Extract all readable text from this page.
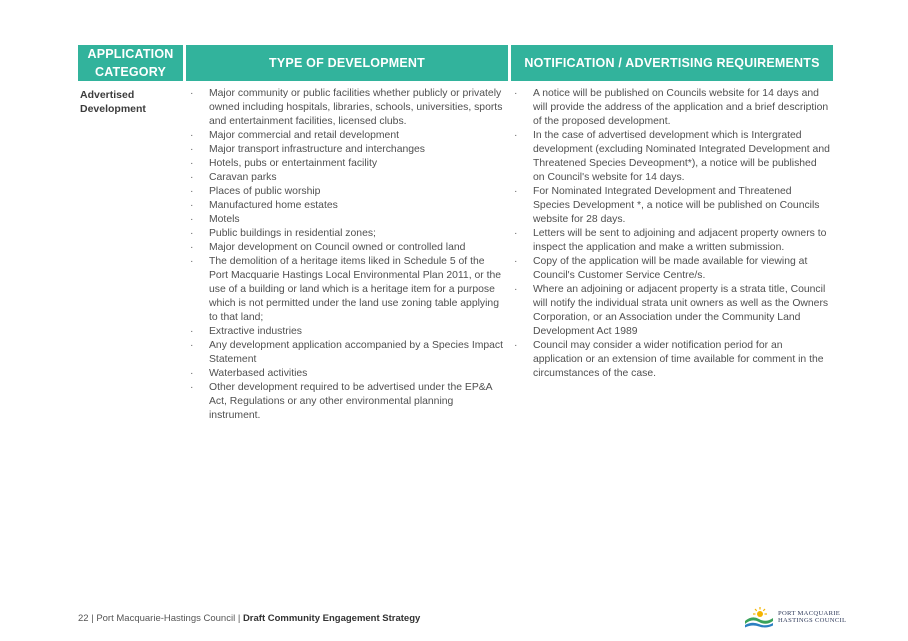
APPLICATION CATEGORY
TYPE OF DEVELOPMENT	NOTIFICATION / ADVERTISING REQUIREMENTS
Advertised Development
· Major community or public facilities whether publicly or privately owned including hospitals, libraries, schools, universities, sports and entertainment facilities, licensed clubs.
· Major commercial and retail development
· Major transport infrastructure and interchanges
· Hotels, pubs or entertainment facility
· Caravan parks
· Places of public worship
· Manufactured home estates
· Motels
· Public buildings in residential zones;
· Major development on Council owned or controlled land
· The demolition of a heritage items liked in Schedule 5 of the Port Macquarie Hastings Local Environmental Plan 2011, or the use of a building or land which is a heritage item for a purpose which is not permitted under the land use zoning table applying to that land;
· Extractive industries
· Any development application accompanied by a Species Impact Statement
· Waterbased activities
· Other development required to be advertised under the EP&A Act, Regulations or any other environmental planning instrument.
· A notice will be published on Councils website for 14 days and will provide the address of the application and a brief description of the proposed development.
· In the case of advertised development which is Intergrated development (excluding Nominated Integrated Development and Threatened Species Deveopment*), a notice will be published on Council's website for 14 days.
· For Nominated Integrated Development and Threatened Species Development *, a notice will be published on Councils website for 28 days.
· Letters will be sent to adjoining and adjacent property owners to inspect the application and make a written submission.
· Copy of the application will be made available for viewing at Council's Customer Service Centre/s.
· Where an adjoining or adjacent property is a strata title, Council will notify the individual strata unit owners as well as the Owners Corporation, or an Association under the Community Land Development Act 1989
· Council may consider a wider notification period for an application or an extension of time available for comment in the circumstances of the case.
22 | Port Macquarie-Hastings Council | Draft Community Engagement Strategy	PORT MACQUARIE
HASTINGS COUNCIL
